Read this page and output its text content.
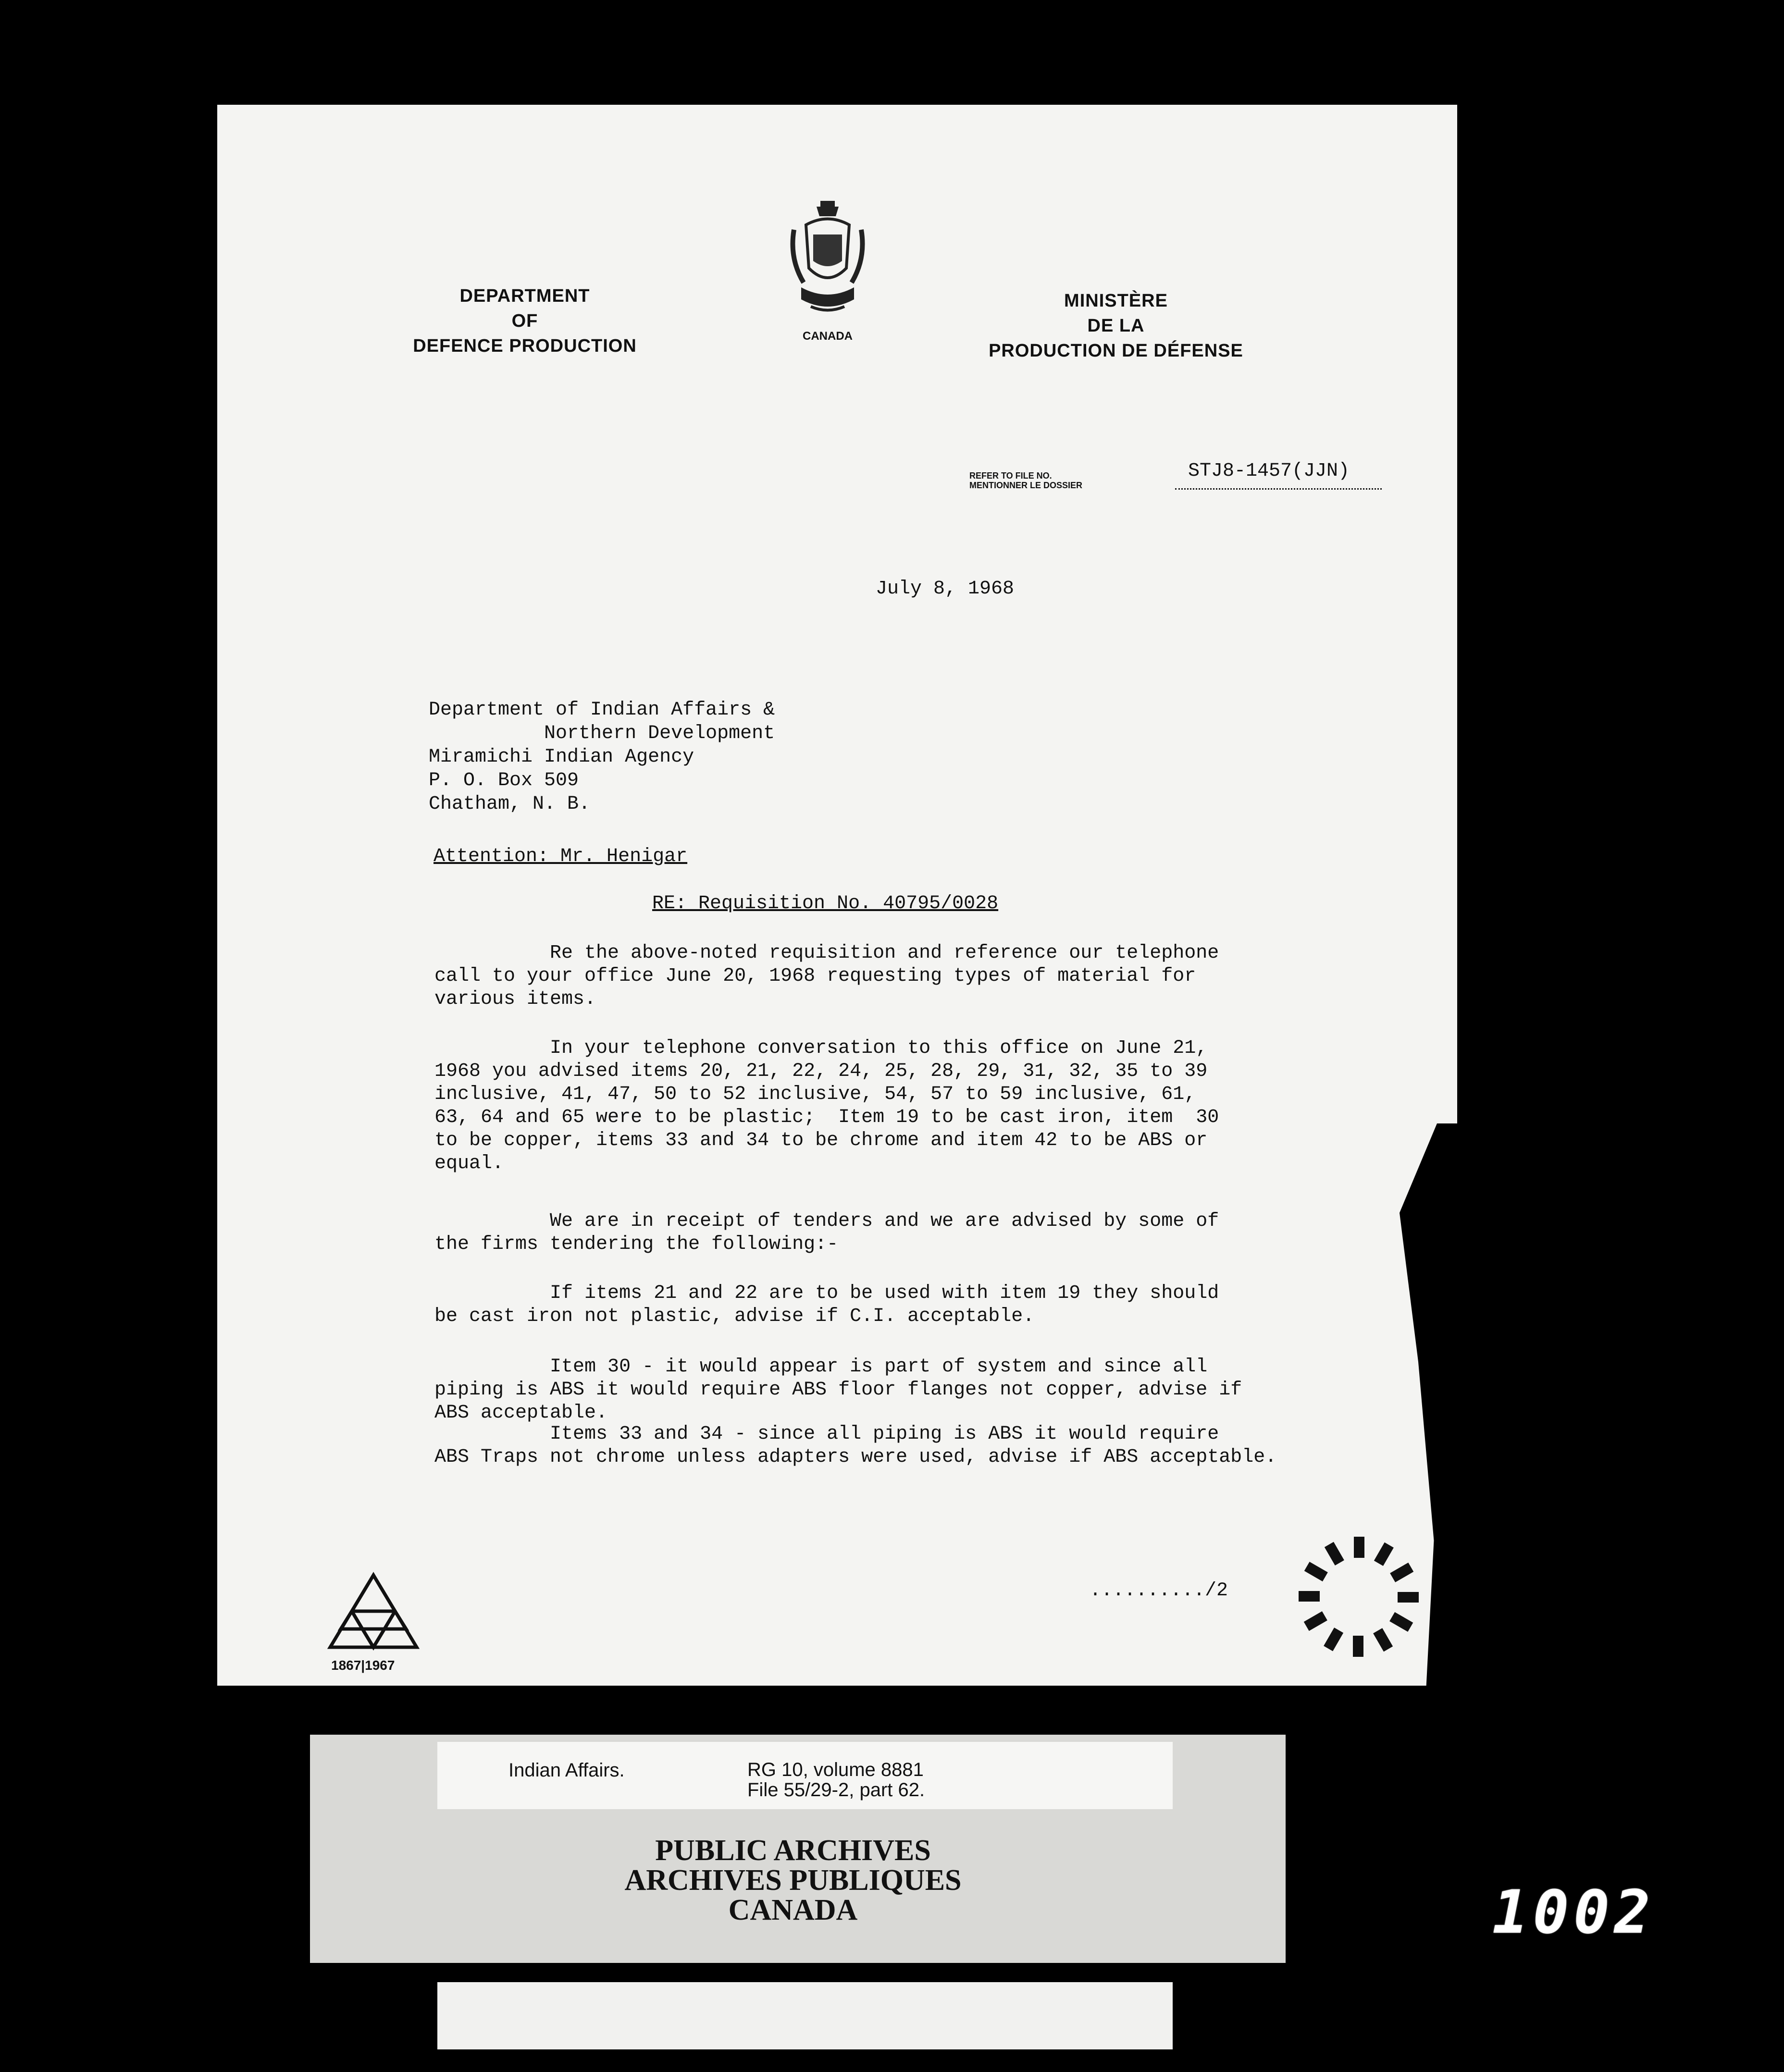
DEPARTMENT
OF
DEFENCE PRODUCTION	CANADA
MINISTÈRE
DE LA
PRODUCTION DE DÉFENSE
REFER TO FILE NO.
MENTIONNER LE DOSSIER
STJ8-1457(JJN)
July 8, 1968
Department of Indian Affairs &
Northern Development
Miramichi Indian Agency
P. O. Box 509
Chatham, N. B.
Attention: Mr. Henigar
RE: Requisition No. 40795/0028
Re the above-noted requisition and reference our telephone
call to your office June 20, 1968 requesting types of material for
various items.
In your telephone conversation to this office on June 21,
1968 you advised items 20, 21, 22, 24, 25, 28, 29, 31, 32, 35 to 39
inclusive, 41, 47, 50 to 52 inclusive, 54, 57 to 59 inclusive, 61,
63, 64 and 65 were to be plastic;  Item 19 to be cast iron, item  30
to be copper, items 33 and 34 to be chrome and item 42 to be ABS or
equal.
We are in receipt of tenders and we are advised by some of
the firms tendering the following:-
If items 21 and 22 are to be used with item 19 they should
be cast iron not plastic, advise if C.I. acceptable.
Item 30 - it would appear is part of system and since all
piping is ABS it would require ABS floor flanges not copper, advise if
ABS acceptable.
Items 33 and 34 - since all piping is ABS it would require
ABS Traps not chrome unless adapters were used, advise if ABS acceptable.
........../2
1867|1967
Indian Affairs.	RG 10, volume 8881
File 55/29-2, part 62.
PUBLIC ARCHIVES
ARCHIVES PUBLIQUES
CANADA	1002
